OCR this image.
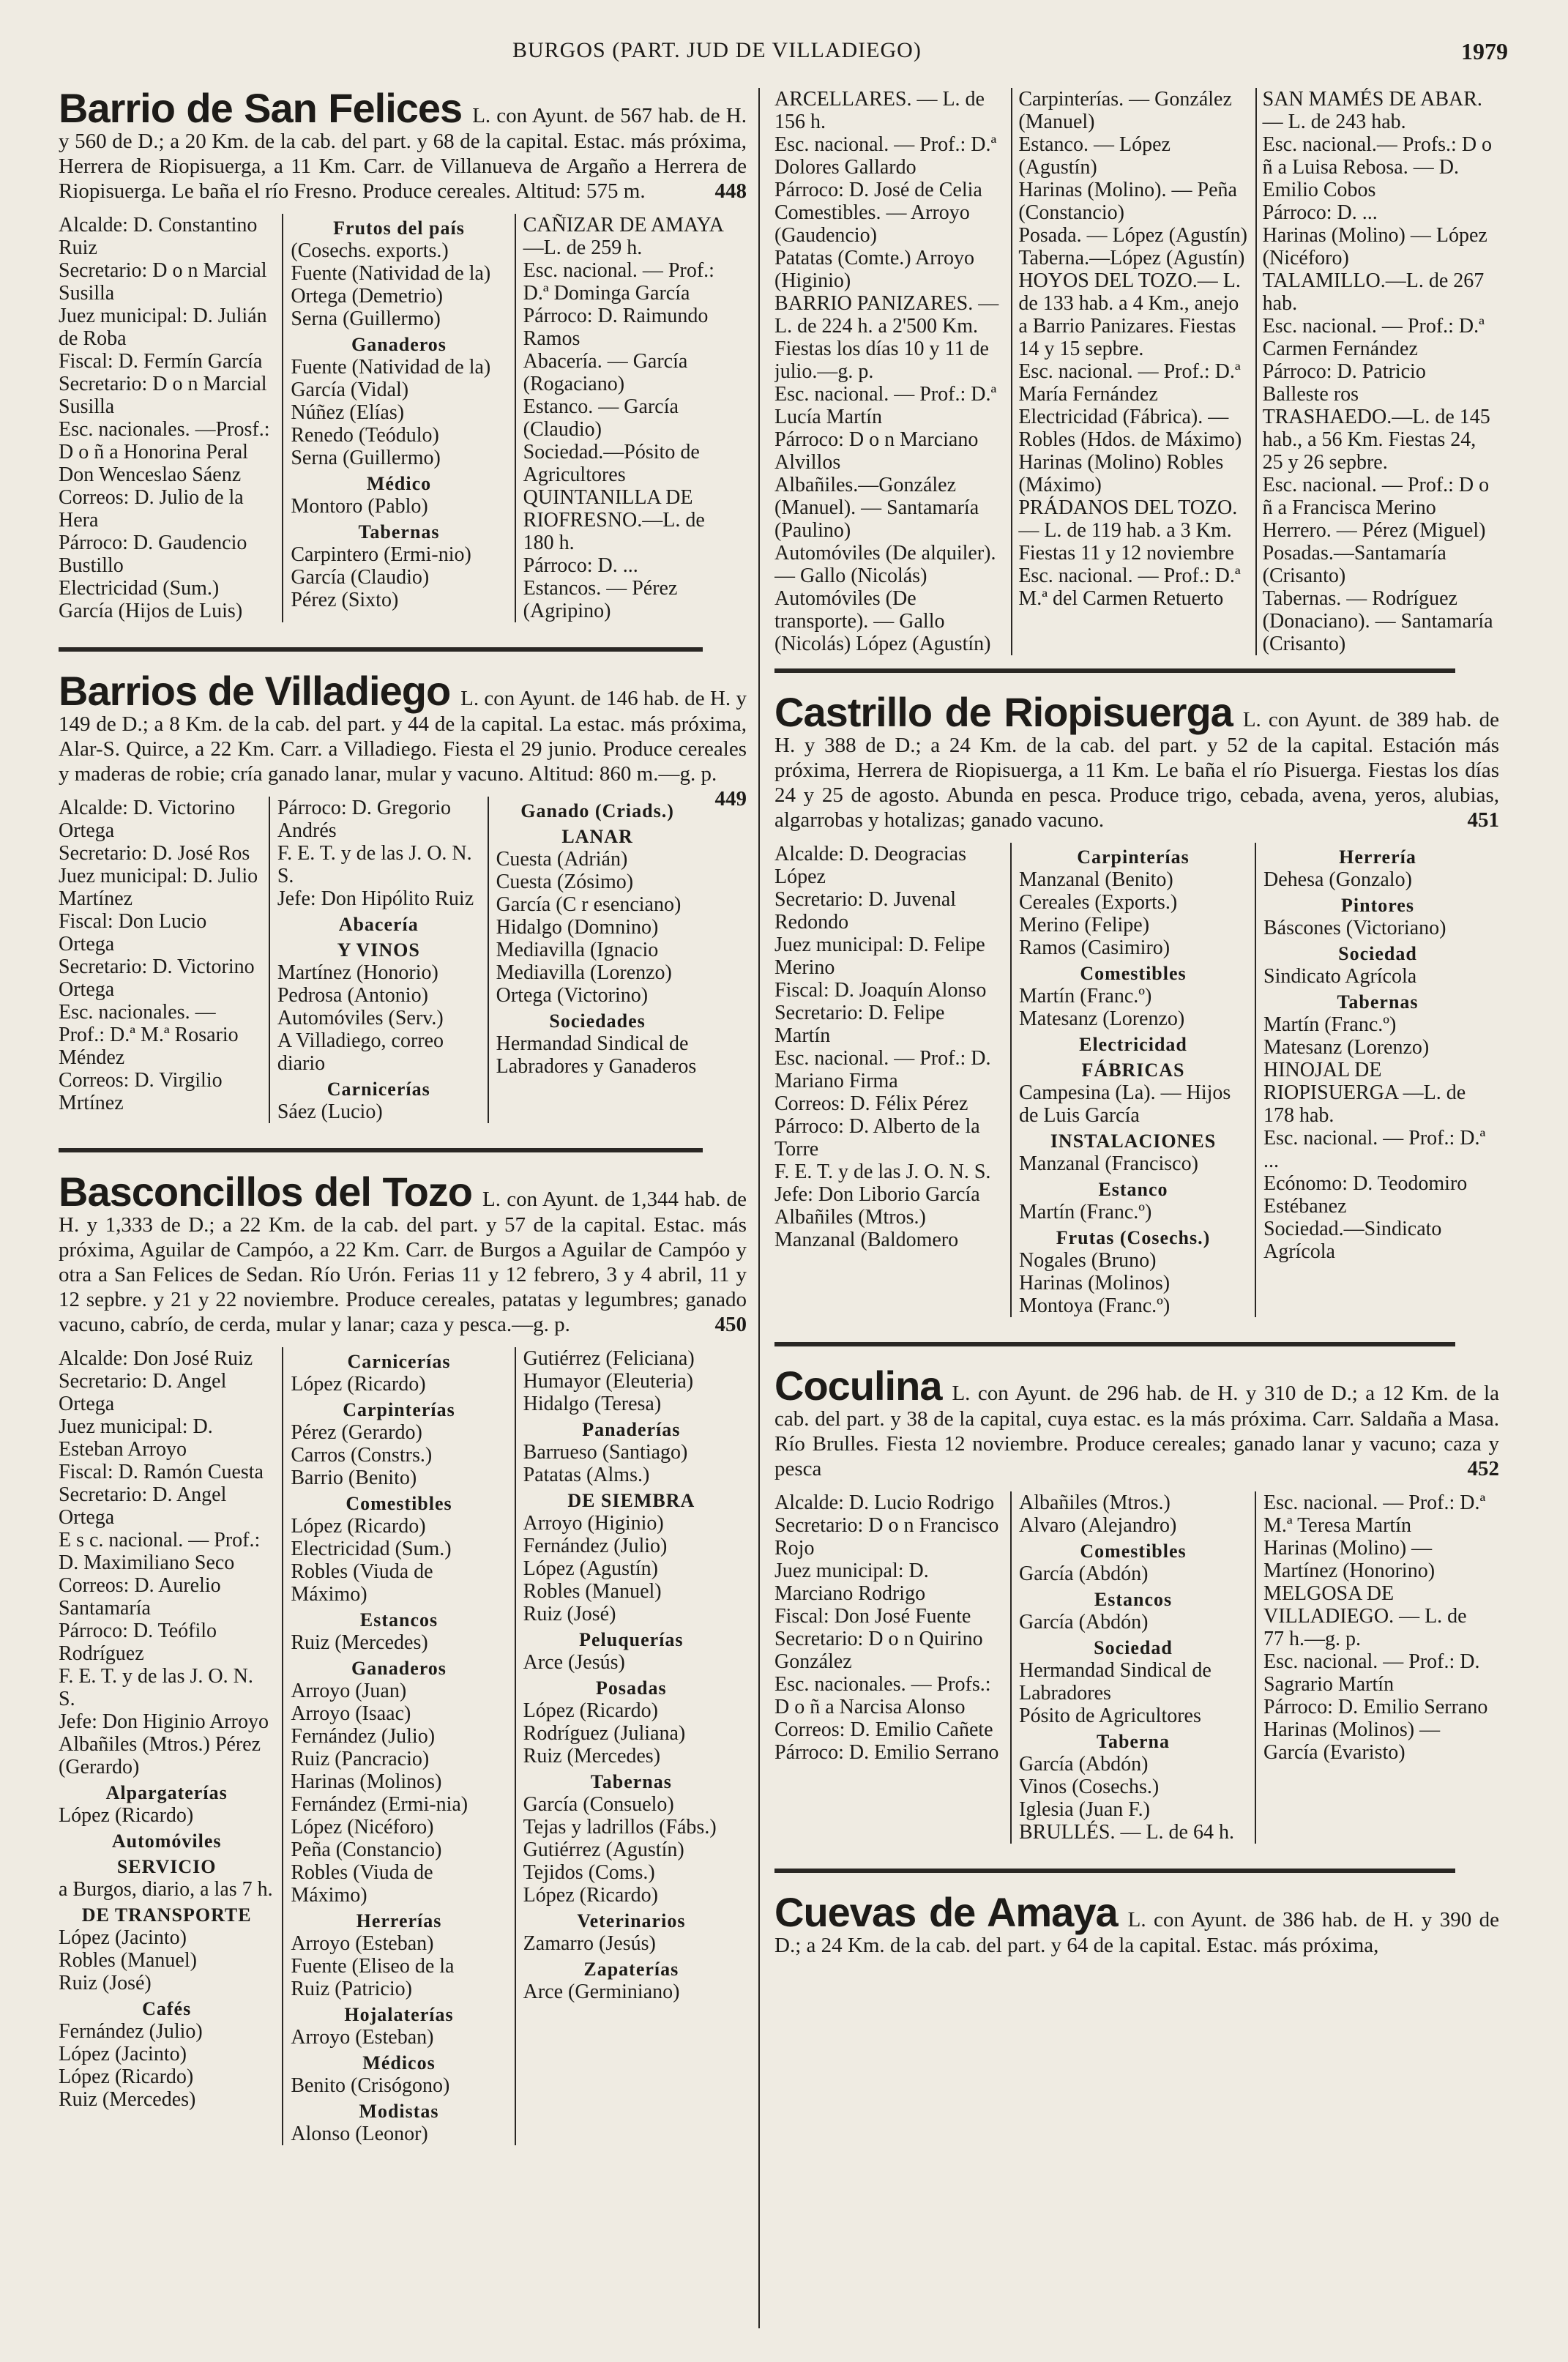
BURGOS (PART. JUD DE VILLADIEGO)	1979
Barrio de San Felices L. con Ayunt. de 567 hab. de H. y 560 de D.; a 20 Km. de la cab. del part. y 68 de la capital. Estac. más próxima, Herrera de Riopisuerga, a 11 Km. Carr. de Villanueva de Argaño a Herrera de Riopisuerga. Le baña el río Fresno. Produce cereales. Altitud: 575 m.	448
Alcalde: D. Constantino Ruiz
Secretario: D o n Marcial Susilla
Juez municipal: D. Julián de Roba
Fiscal: D. Fermín García
Secretario: D o n Marcial Susilla
Esc. nacionales. —Prosf.: D o ñ a Honorina Peral Don Wenceslao Sáenz
Correos: D. Julio de la Hera
Párroco: D. Gaudencio Bustillo
Electricidad (Sum.) García (Hijos de Luis)
Frutos del país
(Cosechs. exports.)
Fuente (Natividad de la)
Ortega (Demetrio)
Serna (Guillermo)
Ganaderos
Fuente (Natividad de la)
García (Vidal)
Núñez (Elías)
Renedo (Teódulo)
Serna (Guillermo)
Médico
Montoro (Pablo)
Tabernas
Carpintero (Ermi-nio)
García (Claudio)
Pérez (Sixto)
CAÑIZAR DE AMAYA —L. de 259 h.
Esc. nacional. — Prof.: D.ª Dominga García
Párroco: D. Raimundo Ramos
Abacería. — García (Rogaciano)
Estanco. — García (Claudio)
Sociedad.—Pósito de Agricultores
QUINTANILLA DE RIOFRESNO.—L. de 180 h.
Párroco: D. ...
Estancos. — Pérez (Agripino)
Barrios de Villadiego L. con Ayunt. de 146 hab. de H. y 149 de D.; a 8 Km. de la cab. del part. y 44 de la capital. La estac. más próxima, Alar-S. Quirce, a 22 Km. Carr. a Villadiego. Fiesta el 29 junio. Produce cereales y maderas de robie; cría ganado lanar, mular y vacuno. Altitud: 860 m.—g. p.
449
Alcalde: D. Victorino Ortega
Secretario: D. José Ros
Juez municipal: D. Julio Martínez
Fiscal: Don Lucio Ortega
Secretario: D. Victorino Ortega
Esc. nacionales. — Prof.: D.ª M.ª Rosario Méndez
Correos: D. Virgilio Mrtínez
Párroco: D. Gregorio Andrés
F. E. T. y de las J. O. N. S.
Jefe: Don Hipólito Ruiz
Abacería
Y VINOS
Martínez (Honorio)
Pedrosa (Antonio)
Automóviles (Serv.)
A Villadiego, correo diario
Carnicerías
Sáez (Lucio)
Ganado (Criads.)
LANAR
Cuesta (Adrián)
Cuesta (Zósimo)
García (C r esenciano)
Hidalgo (Domnino)
Mediavilla (Ignacio
Mediavilla (Lorenzo)
Ortega (Victorino)
Sociedades
Hermandad Sindical de Labradores y Ganaderos
Basconcillos del Tozo L. con Ayunt. de 1,344 hab. de H. y 1,333 de D.; a 22 Km. de la cab. del part. y 57 de la capital. Estac. más próxima, Aguilar de Campóo, a 22 Km. Carr. de Burgos a Aguilar de Campóo y otra a San Felices de Sedan. Río Urón. Ferias 11 y 12 febrero, 3 y 4 abril, 11 y 12 sepbre. y 21 y 22 noviembre. Produce cereales, patatas y legumbres; ganado vacuno, cabrío, de cerda, mular y lanar; caza y pesca.—g. p.	450
Alcalde: Don José Ruiz
Secretario: D. Angel Ortega
Juez municipal: D. Esteban Arroyo
Fiscal: D. Ramón Cuesta
Secretario: D. Angel Ortega
E s c. nacional. — Prof.: D. Maximiliano Seco
Correos: D. Aurelio Santamaría
Párroco: D. Teófilo Rodríguez
F. E. T. y de las J. O. N. S.
Jefe: Don Higinio Arroyo
Albañiles (Mtros.) Pérez (Gerardo)
Alpargaterías
López (Ricardo)
Automóviles
SERVICIO
a Burgos, diario, a las 7 h.
DE TRANSPORTE
López (Jacinto)
Robles (Manuel)
Ruiz (José)
Cafés
Fernández (Julio)
López (Jacinto)
López (Ricardo)
Ruiz (Mercedes)
Carnicerías
López (Ricardo)
Carpinterías
Pérez (Gerardo)
Carros (Constrs.)
Barrio (Benito)
Comestibles
López (Ricardo)
Electricidad (Sum.)
Robles (Viuda de Máximo)
Estancos
Ruiz (Mercedes)
Ganaderos
Arroyo (Juan)
Arroyo (Isaac)
Fernández (Julio)
Ruiz (Pancracio)
Harinas (Molinos)
Fernández (Ermi-nia)
López (Nicéforo)
Peña (Constancio)
Robles (Viuda de Máximo)
Herrerías
Arroyo (Esteban)
Fuente (Eliseo de la
Ruiz (Patricio)
Hojalaterías
Arroyo (Esteban)
Médicos
Benito (Crisógono)
Modistas
Alonso (Leonor)
Gutiérrez (Feliciana)
Humayor (Eleuteria)
Hidalgo (Teresa)
Panaderías
Barrueso (Santiago)
Patatas (Alms.)
DE SIEMBRA
Arroyo (Higinio)
Fernández (Julio)
López (Agustín)
Robles (Manuel)
Ruiz (José)
Peluquerías
Arce (Jesús)
Posadas
López (Ricardo)
Rodríguez (Juliana)
Ruiz (Mercedes)
Tabernas
García (Consuelo)
Tejas y ladrillos (Fábs.)
Gutiérrez (Agustín)
Tejidos (Coms.)
López (Ricardo)
Veterinarios
Zamarro (Jesús)
Zapaterías
Arce (Germiniano)
ARCELLARES. — L. de 156 h.
Esc. nacional. — Prof.: D.ª Dolores Gallardo
Párroco: D. José de Celia
Comestibles. — Arroyo (Gaudencio)
Patatas (Comte.) Arroyo (Higinio)
BARRIO PANIZARES. —L. de 224 h. a 2'500 Km. Fiestas los días 10 y 11 de julio.—g. p.
Esc. nacional. — Prof.: D.ª Lucía Martín
Párroco: D o n Marciano Alvillos
Albañiles.—González (Manuel). — Santamaría (Paulino)
Automóviles (De alquiler).— Gallo (Nicolás)
Automóviles (De transporte). — Gallo (Nicolás) López (Agustín)
Carpinterías. — González (Manuel)
Estanco. — López (Agustín)
Harinas (Molino). — Peña (Constancio)
Posada. — López (Agustín)
Taberna.—López (Agustín)
HOYOS DEL TOZO.— L. de 133 hab. a 4 Km., anejo a Barrio Panizares. Fiestas 14 y 15 sepbre.
Esc. nacional. — Prof.: D.ª María Fernández
Electricidad (Fábrica). — Robles (Hdos. de Máximo)
Harinas (Molino) Robles (Máximo)
PRÁDANOS DEL TOZO. — L. de 119 hab. a 3 Km. Fiestas 11 y 12 noviembre
Esc. nacional. — Prof.: D.ª M.ª del Carmen Retuerto
SAN MAMÉS DE ABAR. — L. de 243 hab.
Esc. nacional.— Profs.: D o ñ a Luisa Rebosa. — D. Emilio Cobos
Párroco: D. ...
Harinas (Molino) — López (Nicéforo)
TALAMILLO.—L. de 267 hab.
Esc. nacional. — Prof.: D.ª Carmen Fernández
Párroco: D. Patricio Balleste ros
TRASHAEDO.—L. de 145 hab., a 56 Km. Fiestas 24, 25 y 26 sepbre.
Esc. nacional. — Prof.: D o ñ a Francisca Merino
Herrero. — Pérez (Miguel)
Posadas.—Santamaría (Crisanto)
Tabernas. — Rodríguez (Donaciano). — Santamaría (Crisanto)
Castrillo de Riopisuerga L. con Ayunt. de 389 hab. de H. y 388 de D.; a 24 Km. de la cab. del part. y 52 de la capital. Estación más próxima, Herrera de Riopisuerga, a 11 Km. Le baña el río Pisuerga. Fiestas los días 24 y 25 de agosto. Abunda en pesca. Produce trigo, cebada, avena, yeros, alubias, algarrobas y hotalizas; ganado vacuno.	451
Alcalde: D. Deogracias López
Secretario: D. Juvenal Redondo
Juez municipal: D. Felipe Merino
Fiscal: D. Joaquín Alonso
Secretario: D. Felipe Martín
Esc. nacional. — Prof.: D. Mariano Firma
Correos: D. Félix Pérez
Párroco: D. Alberto de la Torre
F. E. T. y de las J. O. N. S.
Jefe: Don Liborio García
Albañiles (Mtros.) Manzanal (Baldomero
Carpinterías
Manzanal (Benito)
Cereales (Exports.)
Merino (Felipe)
Ramos (Casimiro)
Comestibles
Martín (Franc.º)
Matesanz (Lorenzo)
Electricidad
FÁBRICAS
Campesina (La). — Hijos de Luis García
INSTALACIONES
Manzanal (Francisco)
Estanco
Martín (Franc.º)
Frutas (Cosechs.)
Nogales (Bruno)
Harinas (Molinos)
Montoya (Franc.º)
Herrería
Dehesa (Gonzalo)
Pintores
Báscones (Victoriano)
Sociedad
Sindicato Agrícola
Tabernas
Martín (Franc.º)
Matesanz (Lorenzo)
HINOJAL DE RIOPISUERGA —L. de 178 hab.
Esc. nacional. — Prof.: D.ª ...
Ecónomo: D. Teodomiro Estébanez
Sociedad.—Sindicato Agrícola
Coculina L. con Ayunt. de 296 hab. de H. y 310 de D.; a 12 Km. de la cab. del part. y 38 de la capital, cuya estac. es la más próxima. Carr. Saldaña a Masa. Río Brulles. Fiesta 12 noviembre. Produce cereales; ganado lanar y vacuno; caza y pesca	452
Alcalde: D. Lucio Rodrigo
Secretario: D o n Francisco Rojo
Juez municipal: D. Marciano Rodrigo
Fiscal: Don José Fuente
Secretario: D o n Quirino González
Esc. nacionales. — Profs.: D o ñ a Narcisa Alonso
Correos: D. Emilio Cañete
Párroco: D. Emilio Serrano
Albañiles (Mtros.)
Alvaro (Alejandro)
Comestibles
García (Abdón)
Estancos
García (Abdón)
Sociedad
Hermandad Sindical de Labradores
Pósito de Agricultores
Taberna
García (Abdón)
Vinos (Cosechs.)
Iglesia (Juan F.)
BRULLÉS. — L. de 64 h.
Esc. nacional. — Prof.: D.ª M.ª Teresa Martín
Harinas (Molino) —Martínez (Honorino)
MELGOSA DE VILLADIEGO. — L. de 77 h.—g. p.
Esc. nacional. — Prof.: D. Sagrario Martín
Párroco: D. Emilio Serrano
Harinas (Molinos) —García (Evaristo)
Cuevas de Amaya L. con Ayunt. de 386 hab. de H. y 390 de D.; a 24 Km. de la cab. del part. y 64 de la capital. Estac. más próxima,
